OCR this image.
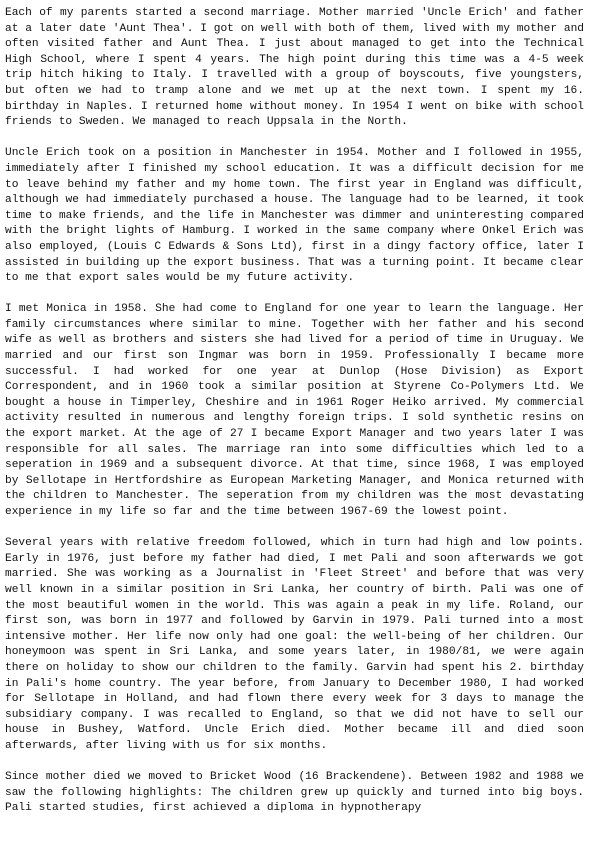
Each of my parents started a second marriage. Mother married 'Uncle Erich' and father at a later date 'Aunt Thea'. I got on well with both of them, lived with my mother and often visited father and Aunt Thea. I just about managed to get into the Technical High School, where I spent 4 years. The high point during this time was a 4-5 week trip hitch hiking to Italy. I travelled with a group of boyscouts, five youngsters, but often we had to tramp alone and we met up at the next town. I spent my 16. birthday in Naples. I returned home without money. In 1954 I went on bike with school friends to Sweden. We managed to reach Uppsala in the North.

Uncle Erich took on a position in Manchester in 1954. Mother and I followed in 1955, immediately after I finished my school education. It was a difficult decision for me to leave behind my father and my home town. The first year in England was difficult, although we had immediately purchased a house. The language had to be learned, it took time to make friends, and the life in Manchester was dimmer and uninteresting compared with the bright lights of Hamburg. I worked in the same company where Onkel Erich was also employed, (Louis C Edwards & Sons Ltd), first in a dingy factory office, later I assisted in building up the export business. That was a turning point. It became clear to me that export sales would be my future activity.

I met Monica in 1958. She had come to England for one year to learn the language. Her family circumstances where similar to mine. Together with her father and his second wife as well as brothers and sisters she had lived for a period of time in Uruguay. We married and our first son Ingmar was born in 1959. Professionally I became more successful. I had worked for one year at Dunlop (Hose Division) as Export Correspondent, and in 1960 took a similar position at Styrene Co-Polymers Ltd. We bought a house in Timperley, Cheshire and in 1961 Roger Heiko arrived. My commercial activity resulted in numerous and lengthy foreign trips. I sold synthetic resins on the export market. At the age of 27 I became Export Manager and two years later I was responsible for all sales. The marriage ran into some difficulties which led to a seperation in 1969 and a subsequent divorce. At that time, since 1968, I was employed by Sellotape in Hertfordshire as European Marketing Manager, and Monica returned with the children to Manchester. The seperation from my children was the most devastating experience in my life so far and the time between 1967-69 the lowest point.

Several years with relative freedom followed, which in turn had high and low points. Early in 1976, just before my father had died, I met Pali and soon afterwards we got married. She was working as a Journalist in 'Fleet Street' and before that was very well known in a similar position in Sri Lanka, her country of birth. Pali was one of the most beautiful women in the world. This was again a peak in my life. Roland, our first son, was born in 1977 and followed by Garvin in 1979. Pali turned into a most intensive mother. Her life now only had one goal: the well-being of her children. Our honeymoon was spent in Sri Lanka, and some years later, in 1980/81, we were again there on holiday to show our children to the family. Garvin had spent his 2. birthday in Pali's home country. The year before, from January to December 1980, I had worked for Sellotape in Holland, and had flown there every week for 3 days to manage the subsidiary company. I was recalled to England, so that we did not have to sell our house in Bushey, Watford. Uncle Erich died. Mother became ill and died soon afterwards, after living with us for six months.

Since mother died we moved to Bricket Wood (16 Brackendene). Between 1982 and 1988 we saw the following highlights: The children grew up quickly and turned into big boys. Pali started studies, first achieved a diploma in hypnotherapy
